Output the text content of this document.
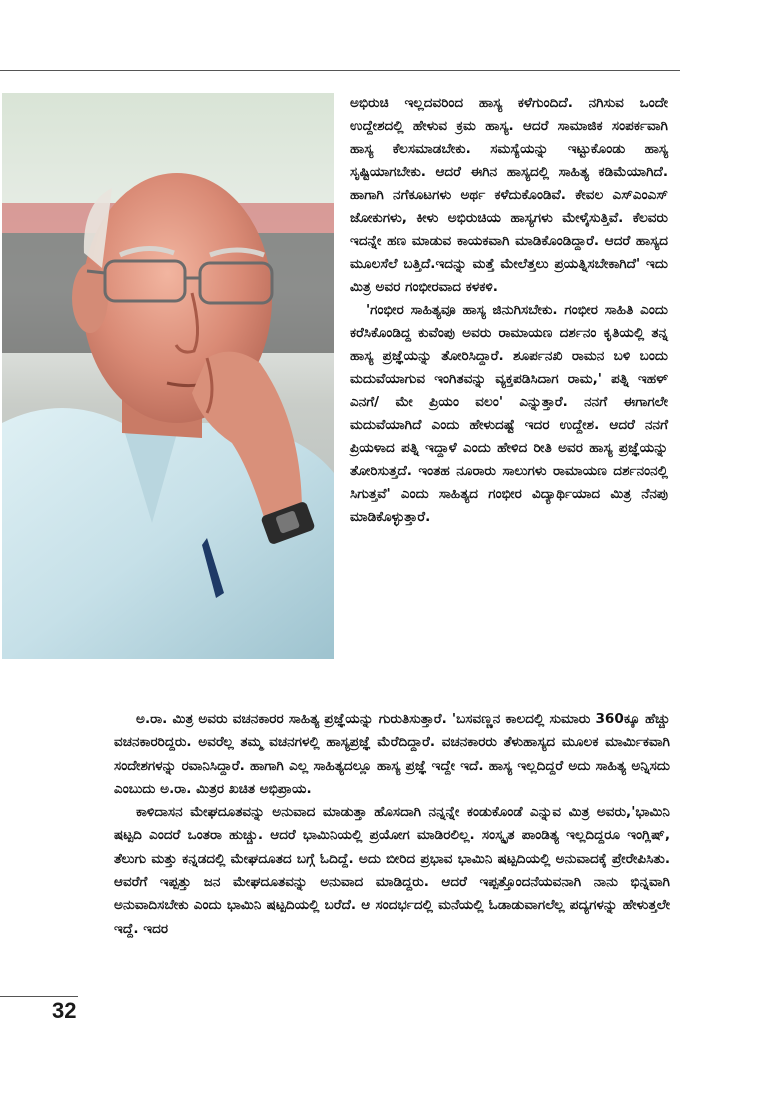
ಅಭಿರುಚಿ ಇಲ್ಲದವರಿಂದ ಹಾಸ್ಯ ಕಳೆಗುಂದಿದೆ. ನಗಿಸುವ ಒಂದೇ ಉದ್ದೇಶದಲ್ಲಿ ಹೇಳುವ ಕ್ರಮ ಹಾಸ್ಯ. ಆದರೆ ಸಾಮಾಜಿಕ ಸಂಪರ್ಕವಾಗಿ ಹಾಸ್ಯ ಕೆಲಸಮಾಡಬೇಕು. ಸಮಸ್ಯೆಯನ್ನು ಇಟ್ಟುಕೊಂಡು ಹಾಸ್ಯ ಸೃಷ್ಟಿಯಾಗಬೇಕು. ಆದರೆ ಈಗಿನ ಹಾಸ್ಯದಲ್ಲಿ ಸಾಹಿತ್ಯ ಕಡಿಮೆಯಾಗಿದೆ. ಹಾಗಾಗಿ ನಗೆಕೂಟಗಳು ಅರ್ಥ ಕಳೆದುಕೊಂಡಿವೆ. ಕೇವಲ ಎಸ್‌ಎಂಎಸ್ ಜೋಕುಗಳು, ಕೀಳು ಅಭಿರುಚಿಯ ಹಾಸ್ಯಗಳು ಮೇಳೈಸುತ್ತಿವೆ. ಕೆಲವರು ಇದನ್ನೇ ಹಣ ಮಾಡುವ ಕಾಯಕವಾಗಿ ಮಾಡಿಕೊಂಡಿದ್ದಾರೆ. ಆದರೆ ಹಾಸ್ಯದ ಮೂಲಸೆಲೆ ಬತ್ತಿದೆ.ಇದನ್ನು ಮತ್ತೆ ಮೇಲೆತ್ತಲು ಪ್ರಯತ್ನಿಸಬೇಕಾಗಿದೆ' ಇದು ಮಿತ್ರ ಅವರ ಗಂಭೀರವಾದ ಕಳಕಳಿ.

'ಗಂಭೀರ ಸಾಹಿತ್ಯವೂ ಹಾಸ್ಯ ಜಿನುಗಿಸಬೇಕು. ಗಂಭೀರ ಸಾಹಿತಿ ಎಂದು ಕರೆಸಿಕೊಂಡಿದ್ದ ಕುವೆಂಪು ಅವರು ರಾಮಾಯಣ ದರ್ಶನಂ ಕೃತಿಯಲ್ಲಿ ತನ್ನ ಹಾಸ್ಯ ಪ್ರಜ್ಞೆಯನ್ನು ತೋರಿಸಿದ್ದಾರೆ. ಶೂರ್ಪನಖಿ ರಾಮನ ಬಳಿ ಬಂದು ಮದುವೆಯಾಗುವ ಇಂಗಿತವನ್ನು ವ್ಯಕ್ತಪಡಿಸಿದಾಗ ರಾಮ,' ಪತ್ನಿ ಇಹಳ್ ಎನಗೆ/ ಮೇ ಪ್ರಿಯಂ ವಲಂ' ಎನ್ನುತ್ತಾರೆ. ನನಗೆ ಈಗಾಗಲೇ ಮದುವೆಯಾಗಿದೆ ಎಂದು ಹೇಳುದಷ್ಟೆ ಇದರ ಉದ್ದೇಶ. ಆದರೆ ನನಗೆ ಪ್ರಿಯಳಾದ ಪತ್ನಿ ಇದ್ದಾಳೆ ಎಂದು ಹೇಳಿದ ರೀತಿ ಅವರ ಹಾಸ್ಯ ಪ್ರಜ್ಞೆಯನ್ನು ತೋರಿಸುತ್ತದೆ. ಇಂತಹ ನೂರಾರು ಸಾಲುಗಳು ರಾಮಾಯಣ ದರ್ಶನಂನಲ್ಲಿ ಸಿಗುತ್ತವೆ' ಎಂದು ಸಾಹಿತ್ಯದ ಗಂಭೀರ ವಿದ್ಯಾರ್ಥಿಯಾದ ಮಿತ್ರ ನೆನಪು ಮಾಡಿಕೊಳ್ಳುತ್ತಾರೆ.

ಅ.ರಾ. ಮಿತ್ರ ಅವರು ವಚನಕಾರರ ಸಾಹಿತ್ಯ ಪ್ರಜ್ಞೆಯನ್ನು ಗುರುತಿಸುತ್ತಾರೆ. 'ಬಸವಣ್ಣನ ಕಾಲದಲ್ಲಿ ಸುಮಾರು 360ಕ್ಕೂ ಹೆಚ್ಚು ವಚನಕಾರರಿದ್ದರು. ಅವರೆಲ್ಲ ತಮ್ಮ ವಚನಗಳಲ್ಲಿ ಹಾಸ್ಯಪ್ರಜ್ಞೆ ಮೆರೆದಿದ್ದಾರೆ. ವಚನಕಾರರು ತೆಳುಹಾಸ್ಯದ ಮೂಲಕ ಮಾರ್ಮಿಕವಾಗಿ ಸಂದೇಶಗಳನ್ನು ರವಾನಿಸಿದ್ದಾರೆ. ಹಾಗಾಗಿ ಎಲ್ಲ ಸಾಹಿತ್ಯದಲ್ಲೂ ಹಾಸ್ಯ ಪ್ರಜ್ಞೆ ಇದ್ದೇ ಇದೆ. ಹಾಸ್ಯ ಇಲ್ಲದಿದ್ದರೆ ಅದು ಸಾಹಿತ್ಯ ಅನ್ನಿಸದು ಎಂಬುದು ಅ.ರಾ. ಮಿತ್ರರ ಖಚಿತ ಅಭಿಪ್ರಾಯ.

ಕಾಳಿದಾಸನ ಮೇಘದೂತವನ್ನು ಅನುವಾದ ಮಾಡುತ್ತಾ ಹೊಸದಾಗಿ ನನ್ನನ್ನೇ ಕಂಡುಕೊಂಡೆ ಎನ್ನುವ ಮಿತ್ರ ಅವರು,'ಭಾಮಿನಿ ಷಟ್ಪದಿ ಎಂದರೆ ಒಂತರಾ ಹುಚ್ಚು. ಆದರೆ ಭಾಮಿನಿಯಲ್ಲಿ ಪ್ರಯೋಗ ಮಾಡಿರಲಿಲ್ಲ. ಸಂಸ್ಕೃತ ಪಾಂಡಿತ್ಯ ಇಲ್ಲದಿದ್ದರೂ ಇಂಗ್ಲಿಷ್, ತೆಲುಗು ಮತ್ತು ಕನ್ನಡದಲ್ಲಿ ಮೇಘದೂತದ ಬಗ್ಗೆ ಓದಿದ್ದೆ. ಅದು ಬೀರಿದ ಪ್ರಭಾವ ಭಾಮಿನಿ ಷಟ್ಪದಿಯಲ್ಲಿ ಅನುವಾದಕ್ಕೆ ಪ್ರೇರೇಪಿಸಿತು. ಆವರೆಗೆ ಇಪ್ಪತ್ತು ಜನ ಮೇಘದೂತವನ್ನು ಅನುವಾದ ಮಾಡಿದ್ದರು. ಆದರೆ ಇಪ್ಪತ್ತೊಂದನೆಯವನಾಗಿ ನಾನು ಭಿನ್ನವಾಗಿ ಅನುವಾದಿಸಬೇಕು ಎಂದು ಭಾಮಿನಿ ಷಟ್ಪದಿಯಲ್ಲಿ ಬರೆದೆ. ಆ ಸಂದರ್ಭದಲ್ಲಿ ಮನೆಯಲ್ಲಿ ಓಡಾಡುವಾಗಲೆಲ್ಲ ಪದ್ಯಗಳನ್ನು ಹೇಳುತ್ತಲೇ ಇದ್ದೆ. ಇದರ

32
